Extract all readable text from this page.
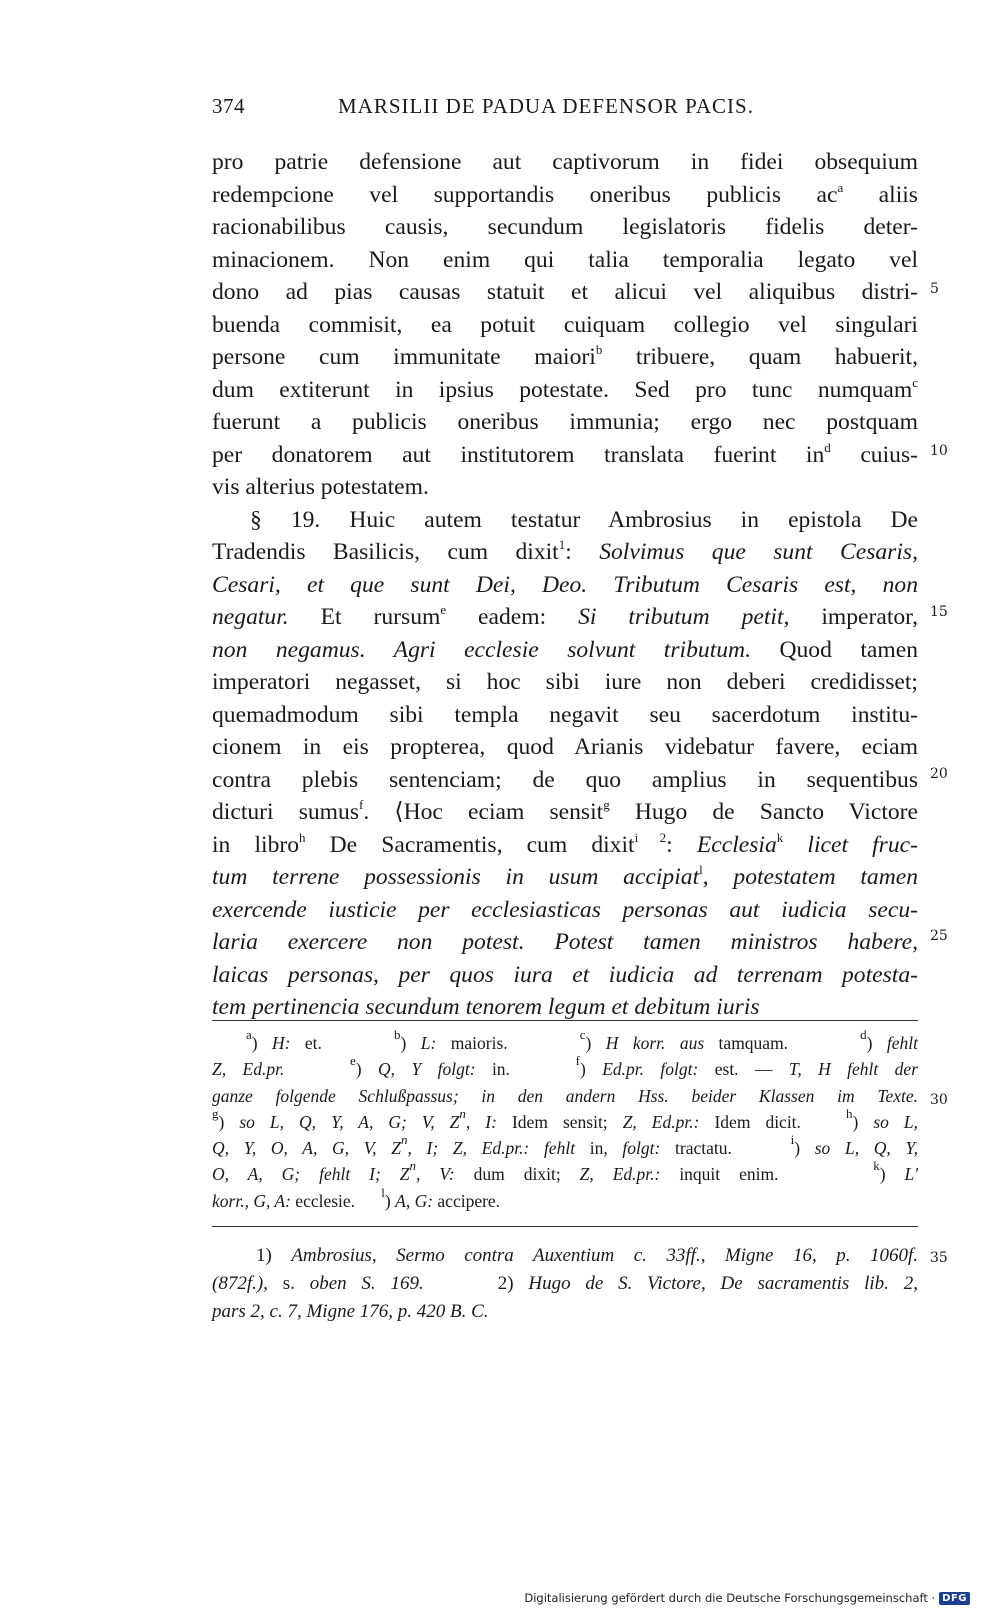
374	MARSILII DE PADUA DEFENSOR PACIS.
pro patrie defensione aut captivorum in fidei obsequium
redempcione vel supportandis oneribus publicis $ac^a$ aliis
racionabilibus causis, secundum legislatoris fidelis deter-
minacionem. Non enim qui talia temporalia legato vel
dono ad pias causas statuit et alicui vel aliquibus distri-
buenda commisit, ea potuit cuiquam collegio vel singulari
persone cum immunitate maiori$^b$ tribuere, quam habuerit,
dum extiterunt in ipsius potestate. Sed pro tunc numquam$^c$
fuerunt a publicis oneribus immunia; ergo nec postquam
per donatorem aut institutorem translata fuerint $in^d$ cuius-
vis alterius potestatem.
§ 19. Huic autem testatur Ambrosius in epistola De
Tradendis Basilicis, cum dixit$^1$: Solvimus que sunt Cesaris,
Cesari, et que sunt Dei, Deo. Tributum Cesaris est, non
negatur. Et rursum$^e$ eadem: Si tributum petit, imperator,
non negamus. Agri ecclesie solvunt tributum. Quod tamen
imperatori negasset, si hoc sibi iure non deberi credidisset;
quemadmodum sibi templa negavit seu sacerdotum institu-
cionem in eis propterea, quod Arianis videbatur favere, eciam
contra plebis sentenciam; de quo amplius in sequentibus
dicturi sumus$^f$. ⟨Hoc eciam sensit$^g$ Hugo de Sancto Victore
in libro$^h$ De Sacramentis, cum dixit$^{i 2}$: Ecclesia$^k$ licet fruc-
tum terrene possessionis in usum accipiat$^l$, potestatem tamen
exercende iusticie per ecclesiasticas personas aut iudicia secu-
laria exercere non potest. Potest tamen ministros habere,
laicas personas, per quos iura et iudicia ad terrenam potesta-
tem pertinencia secundum tenorem legum et debitum iuris
5
10
15
20
25
30
35
$^a$) H: et.     $^b$) L: maioris.     $^c$) H korr. aus tamquam.     $^d$) fehlt
Z, Ed.pr.	$^e$) Q, Y folgt: in.    $^f$) Ed.pr. folgt: est. — T, H fehlt der
ganze folgende Schlußpassus; in den andern Hss. beider Klassen im Texte.
$^g$) so L, Q, Y, A, G; V, $Z^n$, I: Idem sensit; Z, Ed.pr.: Idem dicit.   $^h$) so L,
Q, Y, O, A, G, V, $Z^n$, I; Z, Ed.pr.: fehlt in, folgt: tractatu.    $^i$) so L, Q, Y,
O, A, G; fehlt I; $Z^n$, V: dum dixit; Z, Ed.pr.: inquit enim.     $^k$) L'
korr., G, A: ecclesie.      $^l$) A, G: accipere.
1) Ambrosius, Sermo contra Auxentium c. 33ff., Migne 16, p. 1060f.
(872f.), s. oben S. 169.     2) Hugo de S. Victore, De sacramentis lib. 2,
pars 2, c. 7, Migne 176, p. 420 B. C.
Digitalisierung gefördert durch die Deutsche Forschungsgemeinschaft · DFG
